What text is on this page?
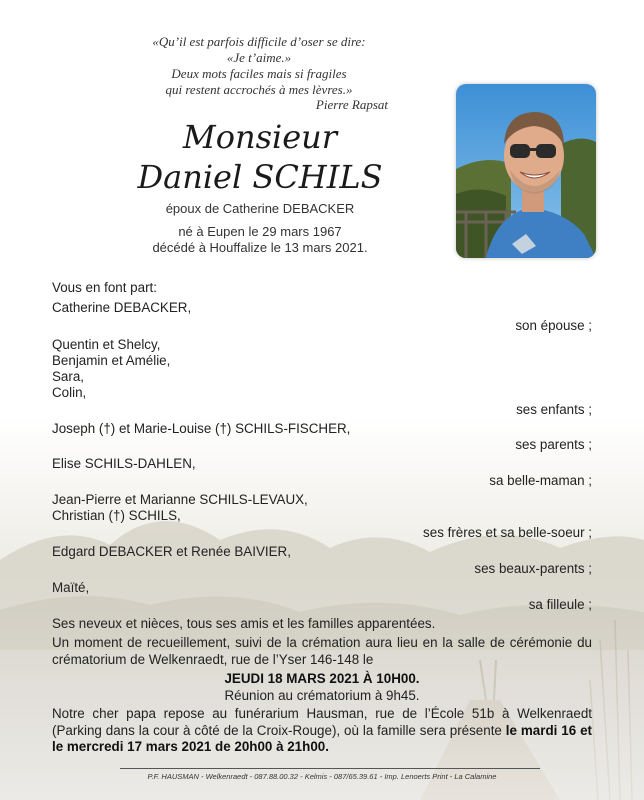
«Qu’il est parfois difficile d’oser se dire:
«Je t’aime.»
Deux mots faciles mais si fragiles
qui restent accrochés à mes lèvres.»
Pierre Rapsat
Monsieur
Daniel SCHILS
époux de Catherine DEBACKER
né à Eupen le 29 mars 1967
décédé à Houffalize le 13 mars 2021.
Vous en font part:
Catherine DEBACKER,
son épouse ;
Quentin et Shelcy,
Benjamin et Amélie,
Sara,
Colin,
ses enfants ;
Joseph (†) et Marie-Louise (†) SCHILS-FISCHER,
ses parents ;
Elise SCHILS-DAHLEN,
sa belle-maman ;
Jean-Pierre et Marianne SCHILS-LEVAUX,
Christian (†) SCHILS,
ses frères et sa belle-soeur ;
Edgard DEBACKER et Renée BAIVIER,
ses beaux-parents ;
Maïté,
sa filleule ;
Ses neveux et nièces, tous ses amis et les familles apparentées.
Un moment de recueillement, suivi de la crémation aura lieu en la salle de cérémonie du crématorium de Welkenraedt, rue de l’Yser 146-148 le
JEUDI 18 MARS 2021 À 10H00.
Réunion au crématorium à 9h45.
Notre cher papa repose au funérarium Hausman, rue de l’École 51b à Welkenraedt (Parking dans la cour à côté de la Croix-Rouge), où la famille sera présente le mardi 16 et le mercredi 17 mars 2021 de 20h00 à 21h00.
P.F. HAUSMAN - Welkenraedt - 087.88.00.32 - Kelmis - 087/65.39.61 - Imp. Lenoerts Print - La Calamine
